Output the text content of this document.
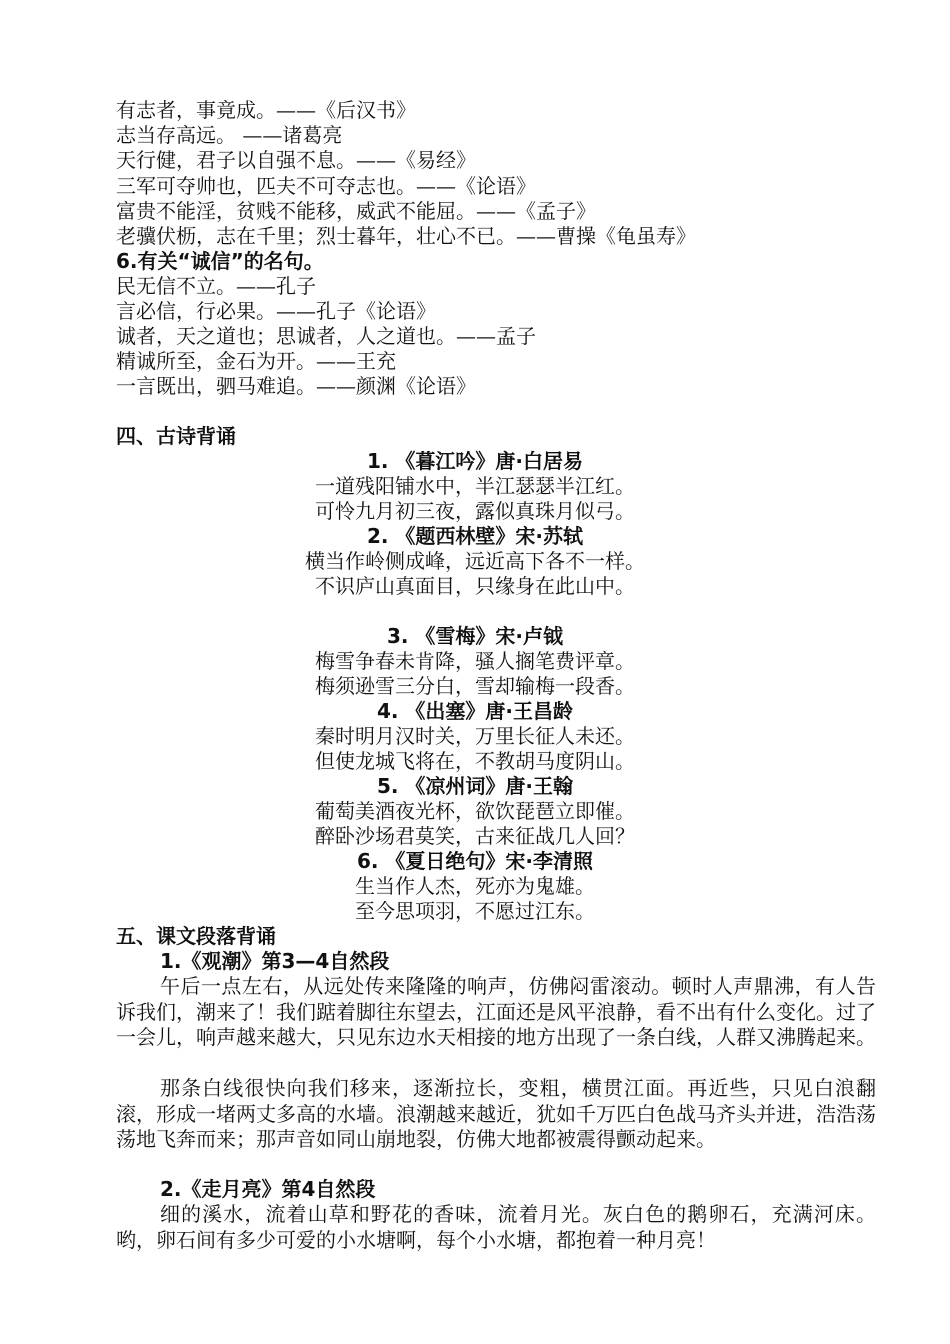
有志者，事竟成。——《后汉书》
志当存高远。 ——诸葛亮
天行健，君子以自强不息。——《易经》
三军可夺帅也，匹夫不可夺志也。——《论语》
富贵不能淫，贫贱不能移，威武不能屈。——《孟子》
老骥伏枥，志在千里；烈士暮年，壮心不已。——曹操《龟虽寿》
6.有关“诚信”的名句。
民无信不立。——孔子
言必信，行必果。——孔子《论语》
诚者，天之道也；思诚者，人之道也。——孟子
精诚所至，金石为开。——王充
一言既出，驷马难追。——颜渊《论语》
四、古诗背诵
1. 《暮江吟》唐·白居易
一道残阳铺水中，半江瑟瑟半江红。
可怜九月初三夜，露似真珠月似弓。
2. 《题西林壁》宋·苏轼
横当作岭侧成峰，远近高下各不一样。
不识庐山真面目，只缘身在此山中。
3. 《雪梅》宋·卢钺
梅雪争春未肯降，骚人搁笔费评章。
梅须逊雪三分白，雪却输梅一段香。
4. 《出塞》唐·王昌龄
秦时明月汉时关，万里长征人未还。
但使龙城飞将在，不教胡马度阴山。
5. 《凉州词》唐·王翰
葡萄美酒夜光杯，欲饮琵琶立即催。
醉卧沙场君莫笑，古来征战几人回？
6. 《夏日绝句》宋·李清照
生当作人杰，死亦为鬼雄。
至今思项羽，不愿过江东。
五、课文段落背诵
1.《观潮》第3—4自然段
午后一点左右，从远处传来隆隆的响声，仿佛闷雷滚动。顿时人声鼎沸，有人告诉我们，潮来了！我们踮着脚往东望去，江面还是风平浪静，看不出有什么变化。过了一会儿，响声越来越大，只见东边水天相接的地方出现了一条白线，人群又沸腾起来。
那条白线很快向我们移来，逐渐拉长，变粗，横贯江面。再近些，只见白浪翻滚，形成一堵两丈多高的水墙。浪潮越来越近，犹如千万匹白色战马齐头并进，浩浩荡荡地飞奔而来；那声音如同山崩地裂，仿佛大地都被震得颤动起来。
2.《走月亮》第4自然段
细的溪水，流着山草和野花的香味，流着月光。灰白色的鹅卵石，充满河床。哟，卵石间有多少可爱的小水塘啊，每个小水塘，都抱着一种月亮！
